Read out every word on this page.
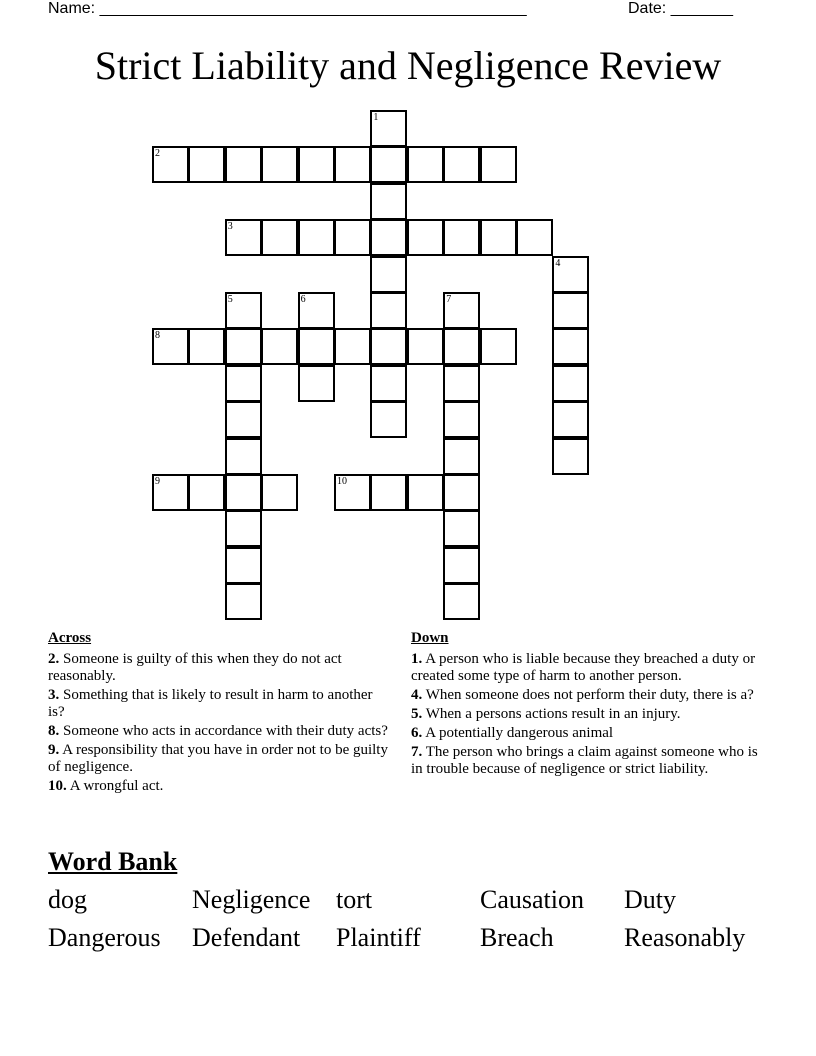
Name: ________________________________________________	Date: _______
Strict Liability and Negligence Review
2
3
8
9	10
1
4
5	6	7
Across
2. Someone is guilty of this when they do not act reasonably.
3. Something that is likely to result in harm to another is?
8. Someone who acts in accordance with their duty acts?
9. A responsibility that you have in order not to be guilty of negligence.
10. A wrongful act.
Down
1. A person who is liable because they breached a duty or created some type of harm to another person.
4. When someone does not perform their duty, there is a?
5. When a persons actions result in an injury.
6. A potentially dangerous animal
7. The person who brings a claim against someone who is in trouble because of negligence or strict liability.
Word Bank
dog	Negligence tort	Causation Duty
Dangerous Defendant Plaintiff Breach	Reasonably
